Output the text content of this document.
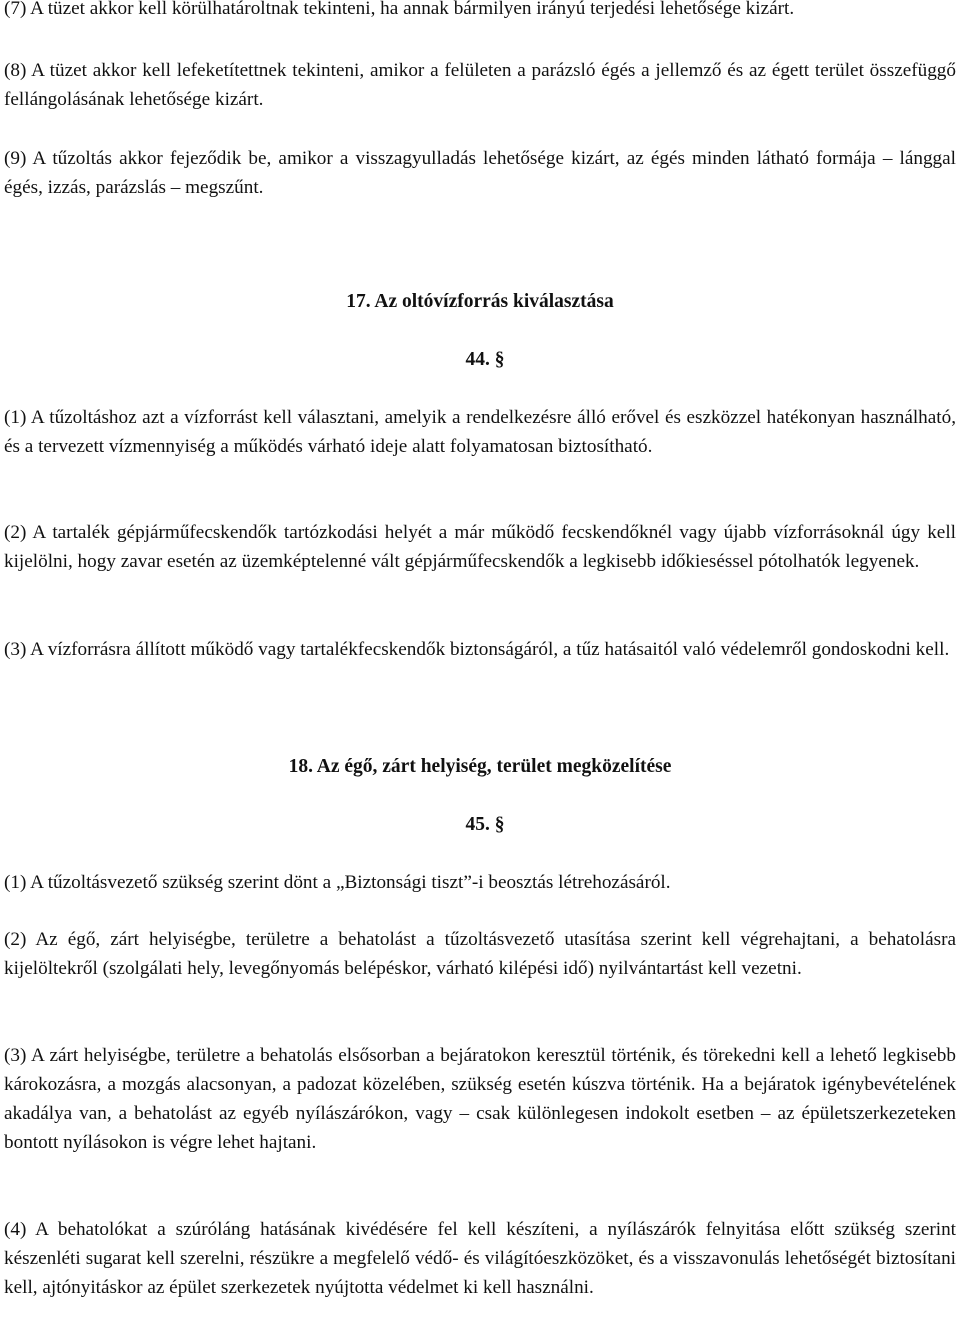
(7) A tüzet akkor kell körülhatároltnak tekinteni, ha annak bármilyen irányú terjedési lehetősége kizárt.
(8) A tüzet akkor kell lefeketítettnek tekinteni, amikor a felületen a parázsló égés a jellemző és az égett terület összefüggő fellángolásának lehetősége kizárt.
(9) A tűzoltás akkor fejeződik be, amikor a visszagyulladás lehetősége kizárt, az égés minden látható formája – lánggal égés, izzás, parázslás – megszűnt.
17. Az oltóvízforrás kiválasztása
44. §
(1) A tűzoltáshoz azt a vízforrást kell választani, amelyik a rendelkezésre álló erővel és eszközzel hatékonyan használható, és a tervezett vízmennyiség a működés várható ideje alatt folyamatosan biztosítható.
(2) A tartalék gépjárműfecskendők tartózkodási helyét a már működő fecskendőknél vagy újabb vízforrásoknál úgy kell kijelölni, hogy zavar esetén az üzemképtelenné vált gépjárműfecskendők a legkisebb időkieséssel pótolhatók legyenek.
(3) A vízforrásra állított működő vagy tartalékfecskendők biztonságáról, a tűz hatásaitól való védelemről gondoskodni kell.
18. Az égő, zárt helyiség, terület megközelítése
45. §
(1) A tűzoltásvezető szükség szerint dönt a „Biztonsági tiszt”-i beosztás létrehozásáról.
(2) Az égő, zárt helyiségbe, területre a behatolást a tűzoltásvezető utasítása szerint kell végrehajtani, a behatolásra kijelöltekről (szolgálati hely, levegőnyomás belépéskor, várható kilépési idő) nyilvántartást kell vezetni.
(3) A zárt helyiségbe, területre a behatolás elsősorban a bejáratokon keresztül történik, és törekedni kell a lehető legkisebb károkozásra, a mozgás alacsonyan, a padozat közelében, szükség esetén kúszva történik. Ha a bejáratok igénybevételének akadálya van, a behatolást az egyéb nyílászárókon, vagy – csak különlegesen indokolt esetben – az épületszerkezeteken bontott nyílásokon is végre lehet hajtani.
(4) A behatolókat a szúróláng hatásának kivédésére fel kell készíteni, a nyílászárók felnyitása előtt szükség szerint készenléti sugarat kell szerelni, részükre a megfelelő védő- és világítóeszközöket, és a visszavonulás lehetőségét biztosítani kell, ajtónyitáskor az épület szerkezetek nyújtotta védelmet ki kell használni.
